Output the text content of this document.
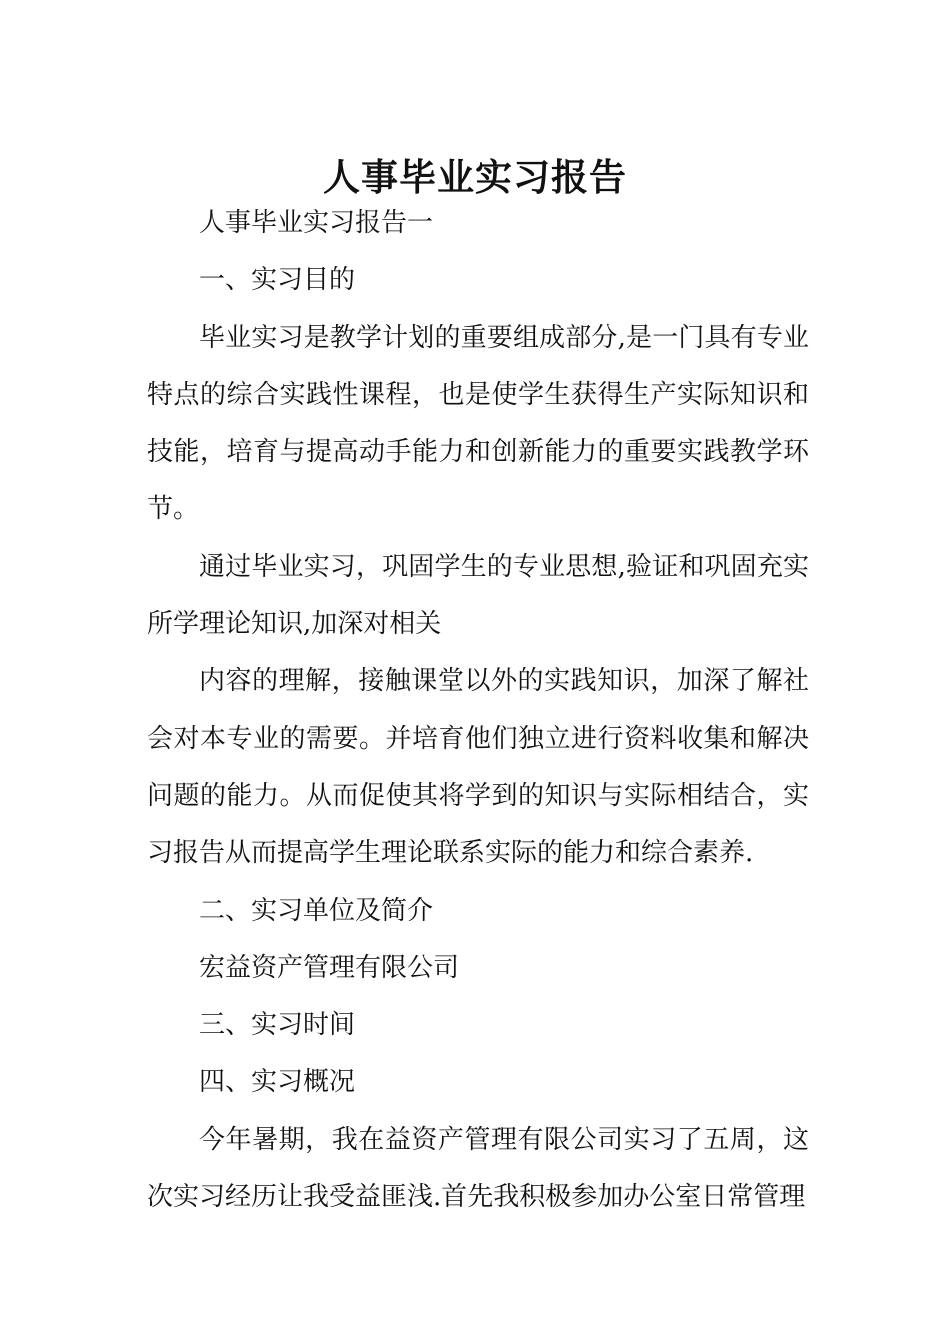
人事毕业实习报告

人事毕业实习报告一

一、实习目的

毕业实习是教学计划的重要组成部分,是一门具有专业特点的综合实践性课程，也是使学生获得生产实际知识和技能，培育与提高动手能力和创新能力的重要实践教学环节。

通过毕业实习，巩固学生的专业思想,验证和巩固充实所学理论知识,加深对相关

内容的理解，接触课堂以外的实践知识，加深了解社会对本专业的需要。并培育他们独立进行资料收集和解决问题的能力。从而促使其将学到的知识与实际相结合，实习报告从而提高学生理论联系实际的能力和综合素养.

二、实习单位及简介

宏益资产管理有限公司

三、实习时间

四、实习概况

今年暑期，我在益资产管理有限公司实习了五周，这次实习经历让我受益匪浅.首先我积极参加办公室日常管理
